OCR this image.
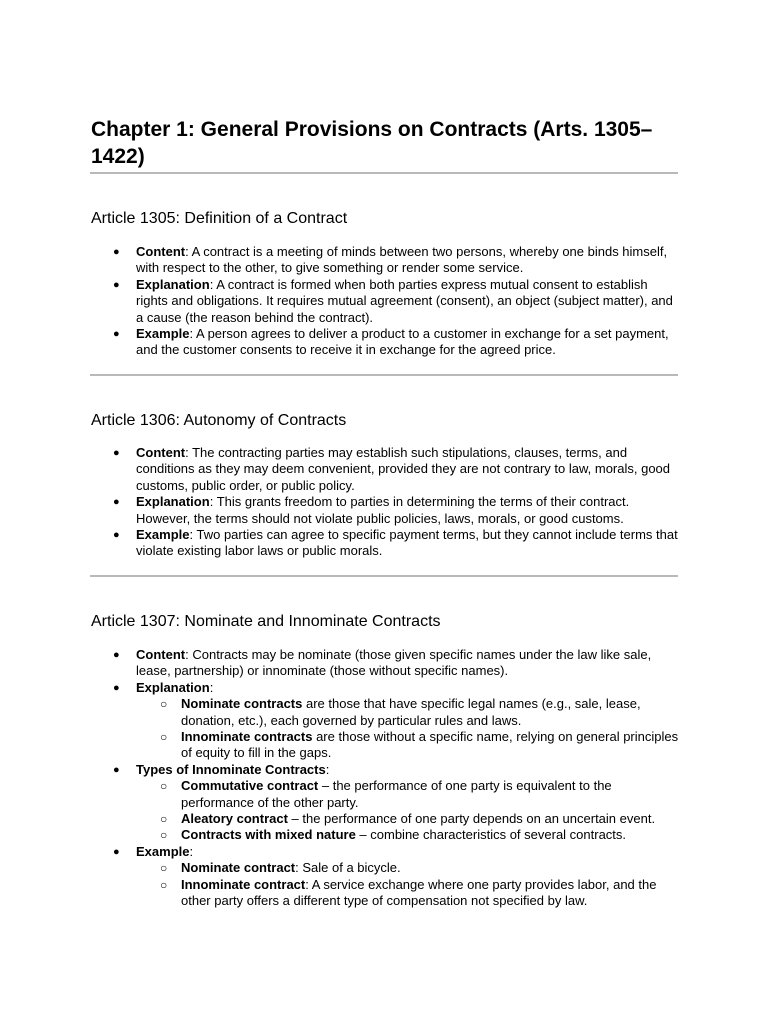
Chapter 1: General Provisions on Contracts (Arts. 1305–1422)
Article 1305: Definition of a Contract
● Content: A contract is a meeting of minds between two persons, whereby one binds himself, with respect to the other, to give something or render some service.
● Explanation: A contract is formed when both parties express mutual consent to establish rights and obligations. It requires mutual agreement (consent), an object (subject matter), and a cause (the reason behind the contract).
● Example: A person agrees to deliver a product to a customer in exchange for a set payment, and the customer consents to receive it in exchange for the agreed price.
Article 1306: Autonomy of Contracts
● Content: The contracting parties may establish such stipulations, clauses, terms, and conditions as they may deem convenient, provided they are not contrary to law, morals, good customs, public order, or public policy.
● Explanation: This grants freedom to parties in determining the terms of their contract. However, the terms should not violate public policies, laws, morals, or good customs.
● Example: Two parties can agree to specific payment terms, but they cannot include terms that violate existing labor laws or public morals.
Article 1307: Nominate and Innominate Contracts
● Content: Contracts may be nominate (those given specific names under the law like sale, lease, partnership) or innominate (those without specific names).
● Explanation:
○ Nominate contracts are those that have specific legal names (e.g., sale, lease, donation, etc.), each governed by particular rules and laws.
○ Innominate contracts are those without a specific name, relying on general principles of equity to fill in the gaps.
● Types of Innominate Contracts:
○ Commutative contract – the performance of one party is equivalent to the performance of the other party.
○ Aleatory contract – the performance of one party depends on an uncertain event.
○ Contracts with mixed nature – combine characteristics of several contracts.
● Example:
○ Nominate contract: Sale of a bicycle.
○ Innominate contract: A service exchange where one party provides labor, and the other party offers a different type of compensation not specified by law.
